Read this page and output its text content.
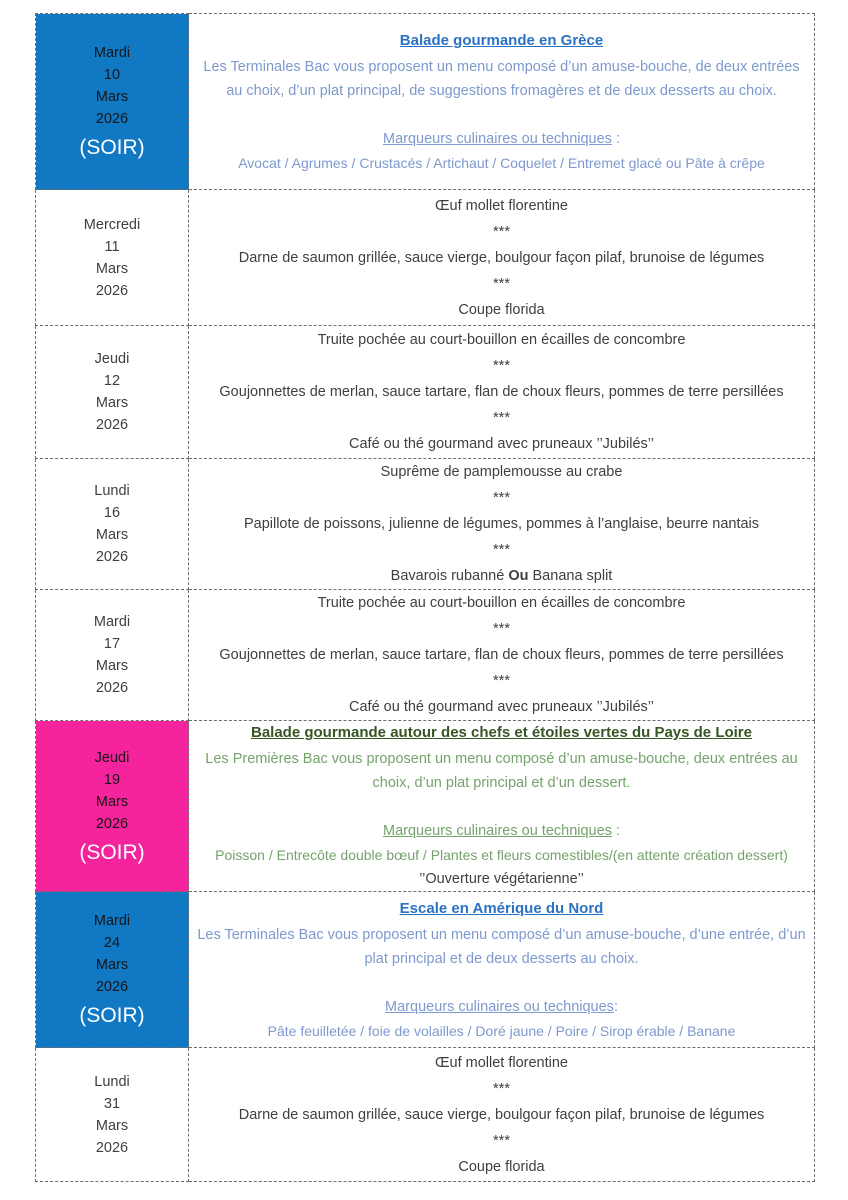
Mardi
10
Mars
2026
(SOIR)

Balade gourmande en Grèce
Les Terminales Bac vous proposent un menu composé d’un amuse-bouche, de deux entrées au choix, d’un plat principal, de suggestions fromagères et de deux desserts au choix.
Marqueurs culinaires ou techniques :
Avocat / Agrumes / Crustacés / Artichaut / Coquelet / Entremet glacé ou Pâte à crêpe

Mercredi
11
Mars
2026

Œuf mollet florentine
***
Darne de saumon grillée, sauce vierge, boulgour façon pilaf, brunoise de légumes
***
Coupe florida

Jeudi
12
Mars
2026

Truite pochée au court-bouillon en écailles de concombre
***
Goujonnettes de merlan, sauce tartare, flan de choux fleurs, pommes de terre persillées
***
Café ou thé gourmand avec pruneaux ’’Jubilés’’

Lundi
16
Mars
2026

Suprême de pamplemousse au crabe
***
Papillote de poissons, julienne de légumes, pommes à l’anglaise, beurre nantais
***
Bavarois rubanné Ou Banana split

Mardi
17
Mars
2026

Truite pochée au court-bouillon en écailles de concombre
***
Goujonnettes de merlan, sauce tartare, flan de choux fleurs, pommes de terre persillées
***
Café ou thé gourmand avec pruneaux ’’Jubilés’’

Jeudi
19
Mars
2026
(SOIR)

Balade gourmande autour des chefs et étoiles vertes du Pays de Loire
Les Premières Bac vous proposent un menu composé d’un amuse-bouche, deux entrées au choix, d’un plat principal et d’un dessert.
Marqueurs culinaires ou techniques :
Poisson / Entrecôte double bœuf / Plantes et fleurs comestibles/(en attente création dessert)
’’Ouverture végétarienne’’

Mardi
24
Mars
2026
(SOIR)

Escale en Amérique du Nord
Les Terminales Bac vous proposent un menu composé d’un amuse-bouche, d’une entrée, d’un plat principal et de deux desserts au choix.
Marqueurs culinaires ou techniques:
Pâte feuilletée / foie de volailles / Doré jaune / Poire / Sirop érable / Banane

Lundi
31
Mars
2026

Œuf mollet florentine
***
Darne de saumon grillée, sauce vierge, boulgour façon pilaf, brunoise de légumes
***
Coupe florida
